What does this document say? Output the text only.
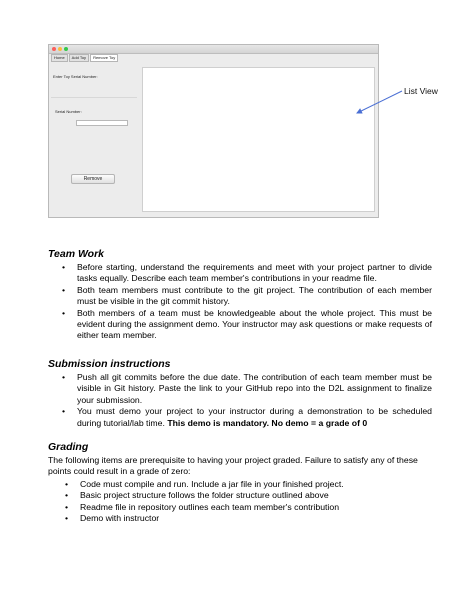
Home	Add Toy	Remove Toy
Enter Toy Serial Number:
Serial Number:
Remove
List View
Team Work
• Before starting, understand the requirements and meet with your project partner to divide tasks equally. Describe each team member's contributions in your readme file.
• Both team members must contribute to the git project. The contribution of each member must be visible in the git commit history.
• Both members of a team must be knowledgeable about the whole project. This must be evident during the assignment demo. Your instructor may ask questions or make requests of either team member.
Submission instructions
• Push all git commits before the due date. The contribution of each team member must be visible in Git history. Paste the link to your GitHub repo into the D2L assignment to finalize your submission.
• You must demo your project to your instructor during a demonstration to be scheduled during tutorial/lab time. This demo is mandatory. No demo = a grade of 0
Grading

The following items are prerequisite to having your project graded. Failure to satisfy any of these points could result in a grade of zero:

• Code must compile and run. Include a jar file in your finished project.
• Basic project structure follows the folder structure outlined above
• Readme file in repository outlines each team member's contribution
• Demo with instructor
